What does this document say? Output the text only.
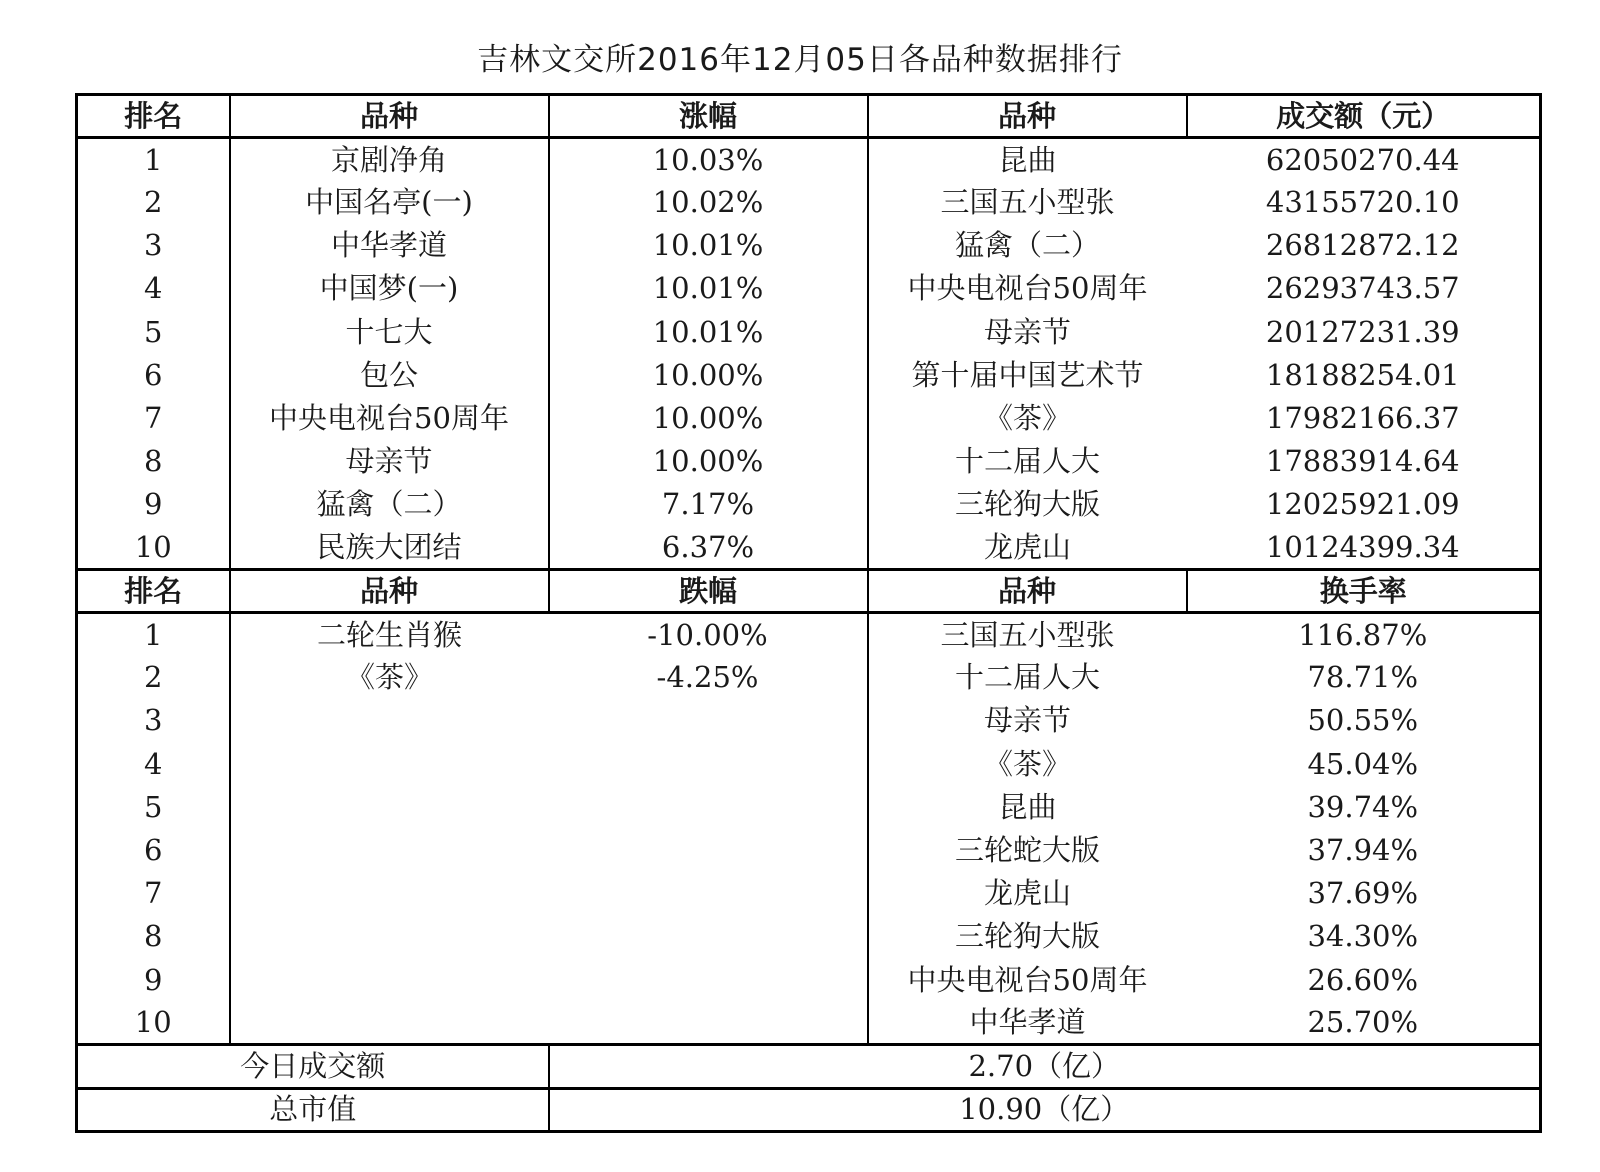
吉林文交所2016年12月05日各品种数据排行
排名	品种	涨幅	品种	成交额（元）
1	京剧净角	10.03%	昆曲	62050270.44
2	中国名亭(一)	10.02%	三国五小型张	43155720.10
3	中华孝道	10.01%	猛禽（二）	26812872.12
4	中国梦(一)	10.01%	中央电视台50周年	26293743.57
5	十七大	10.01%	母亲节	20127231.39
6	包公	10.00%	第十届中国艺术节	18188254.01
7	中央电视台50周年	10.00%	《茶》	17982166.37
8	母亲节	10.00%	十二届人大	17883914.64
9	猛禽（二）	7.17%	三轮狗大版	12025921.09
10	民族大团结	6.37%	龙虎山	10124399.34
排名	品种	跌幅	品种	换手率
1	二轮生肖猴	-10.00%	三国五小型张	116.87%
2	《茶》	-4.25%	十二届人大	78.71%
3			母亲节	50.55%
4			《茶》	45.04%
5			昆曲	39.74%
6			三轮蛇大版	37.94%
7			龙虎山	37.69%
8			三轮狗大版	34.30%
9			中央电视台50周年	26.60%
10			中华孝道	25.70%
今日成交额		2.70（亿）		
总市值		10.90（亿）		
